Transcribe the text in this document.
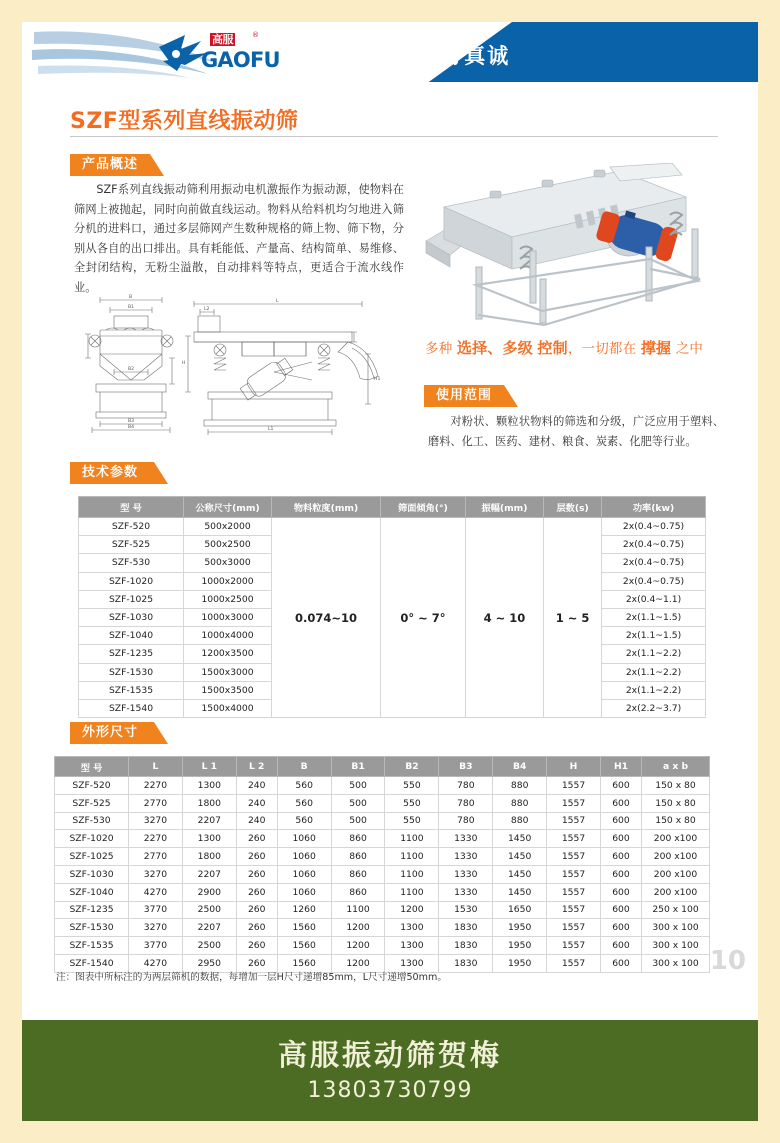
高服	®
GAOFU 高端品质 服务真诚
SZF型系列直线振动筛
产品概述
SZF系列直线振动筛利用振动电机激振作为振动源，使物料在筛网上被抛起，同时向前做直线运动。物料从给料机均匀地进入筛分机的进料口，通过多层筛网产生数种规格的筛上物、筛下物，分别从各自的出口排出。具有耗能低、产量高、结构简单、易维修、全封闭结构，无粉尘溢散，自动排料等特点，更适合于流水线作业。
B
B1
B2
B3
B4
L
L2
L1
H
H1
多种 选择、多级 控制，一切都在 撑握 之中
使用范围
对粉状、颗粒状物料的筛选和分级，广泛应用于塑料、磨料、化工、医药、建材、粮食、炭素、化肥等行业。
技术参数
型 号	公称尺寸(mm)	物料粒度(mm)	筛面倾角(°)	振幅(mm)	层数(s)	功率(kw)
SZF-520	500x2000	0.074~10	0° ~ 7°	4 ~ 10	1 ~ 5	2x(0.4~0.75)
SZF-525	500x2500					2x(0.4~0.75)
SZF-530	500x3000					2x(0.4~0.75)
SZF-1020	1000x2000					2x(0.4~0.75)
SZF-1025	1000x2500					2x(0.4~1.1)
SZF-1030	1000x3000					2x(1.1~1.5)
SZF-1040	1000x4000					2x(1.1~1.5)
SZF-1235	1200x3500					2x(1.1~2.2)
SZF-1530	1500x3000					2x(1.1~2.2)
SZF-1535	1500x3500					2x(1.1~2.2)
SZF-1540	1500x4000					2x(2.2~3.7)
外形尺寸
型 号	L	L 1	L 2	B	B1	B2	B3	B4	H	H1	a x b
SZF-520	2270	1300	240	560	500	550	780	880	1557	600	150 x 80
SZF-525	2770	1800	240	560	500	550	780	880	1557	600	150 x 80
SZF-530	3270	2207	240	560	500	550	780	880	1557	600	150 x 80
SZF-1020	2270	1300	260	1060	860	1100	1330	1450	1557	600	200 x100
SZF-1025	2770	1800	260	1060	860	1100	1330	1450	1557	600	200 x100
SZF-1030	3270	2207	260	1060	860	1100	1330	1450	1557	600	200 x100
SZF-1040	4270	2900	260	1060	860	1100	1330	1450	1557	600	200 x100
SZF-1235	3770	2500	260	1260	1100	1200	1530	1650	1557	600	250 x 100
SZF-1530	3270	2207	260	1560	1200	1300	1830	1950	1557	600	300 x 100
SZF-1535	3770	2500	260	1560	1200	1300	1830	1950	1557	600	300 x 100
SZF-1540	4270	2950	260	1560	1200	1300	1830	1950	1557	600	300 x 100
注：图表中所标注的为两层筛机的数据，每增加一层H尺寸递增85mm，L尺寸递增50mm。
10
高服振动筛贺梅
13803730799
